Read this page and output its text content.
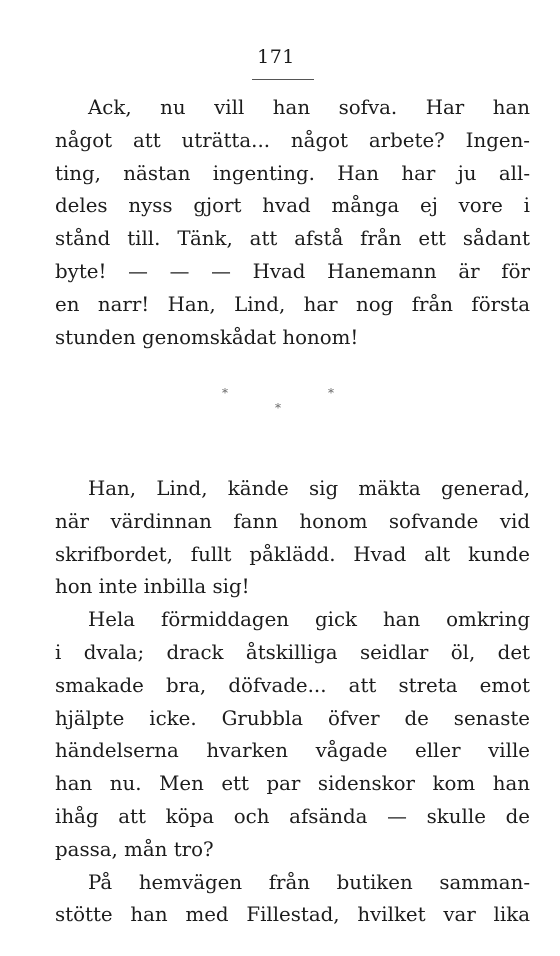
171
Ack, nu vill han sofva. Har han
något att uträtta... något arbete? Ingen-
ting, nästan ingenting. Han har ju all-
deles nyss gjort hvad många ej vore i
stånd till. Tänk, att afstå från ett sådant
byte! — — — Hvad Hanemann är för
en narr! Han, Lind, har nog från första
stunden genomskådat honom!
*	*
*
Han, Lind, kände sig mäkta generad,
när värdinnan fann honom sofvande vid
skrifbordet, fullt påklädd. Hvad alt kunde
hon inte inbilla sig!
Hela förmiddagen gick han omkring
i dvala; drack åtskilliga seidlar öl, det
smakade bra, döfvade... att streta emot
hjälpte icke. Grubbla öfver de senaste
händelserna hvarken vågade eller ville
han nu. Men ett par sidenskor kom han
ihåg att köpa och afsända — skulle de
passa, mån tro?
På hemvägen från butiken samman-
stötte han med Fillestad, hvilket var lika
